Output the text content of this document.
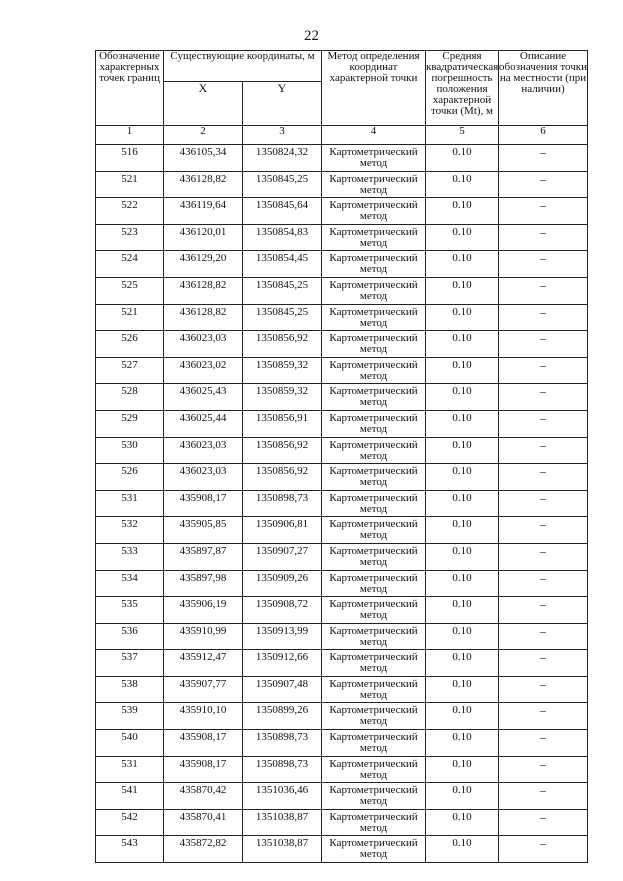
22
Обозначение характерных точек границ	Существующие координаты, м		Метод определения координат характерной точки	Средняя квадратическая погрешность положения характерной точки (Mt), м	Описание обозначения точки на местности (при наличии)
	X	Y			
1	2	3	4	5	6
516	436105,34	1350824,32	Картометрический метод	0.10	–
521	436128,82	1350845,25	Картометрический метод	0.10	–
522	436119,64	1350845,64	Картометрический метод	0.10	–
523	436120,01	1350854,83	Картометрический метод	0.10	–
524	436129,20	1350854,45	Картометрический метод	0.10	–
525	436128,82	1350845,25	Картометрический метод	0.10	–
521	436128,82	1350845,25	Картометрический метод	0.10	–
526	436023,03	1350856,92	Картометрический метод	0.10	–
527	436023,02	1350859,32	Картометрический метод	0.10	–
528	436025,43	1350859,32	Картометрический метод	0.10	–
529	436025,44	1350856,91	Картометрический метод	0.10	–
530	436023,03	1350856,92	Картометрический метод	0.10	–
526	436023,03	1350856,92	Картометрический метод	0.10	–
531	435908,17	1350898,73	Картометрический метод	0.10	–
532	435905,85	1350906,81	Картометрический метод	0.10	–
533	435897,87	1350907,27	Картометрический метод	0.10	–
534	435897,98	1350909,26	Картометрический метод	0.10	–
535	435906,19	1350908,72	Картометрический метод	0.10	–
536	435910,99	1350913,99	Картометрический метод	0.10	–
537	435912,47	1350912,66	Картометрический метод	0.10	–
538	435907,77	1350907,48	Картометрический метод	0.10	–
539	435910,10	1350899,26	Картометрический метод	0.10	–
540	435908,17	1350898,73	Картометрический метод	0.10	–
531	435908,17	1350898,73	Картометрический метод	0.10	–
541	435870,42	1351036,46	Картометрический метод	0.10	–
542	435870,41	1351038,87	Картометрический метод	0.10	–
543	435872,82	1351038,87	Картометрический метод	0.10	–
